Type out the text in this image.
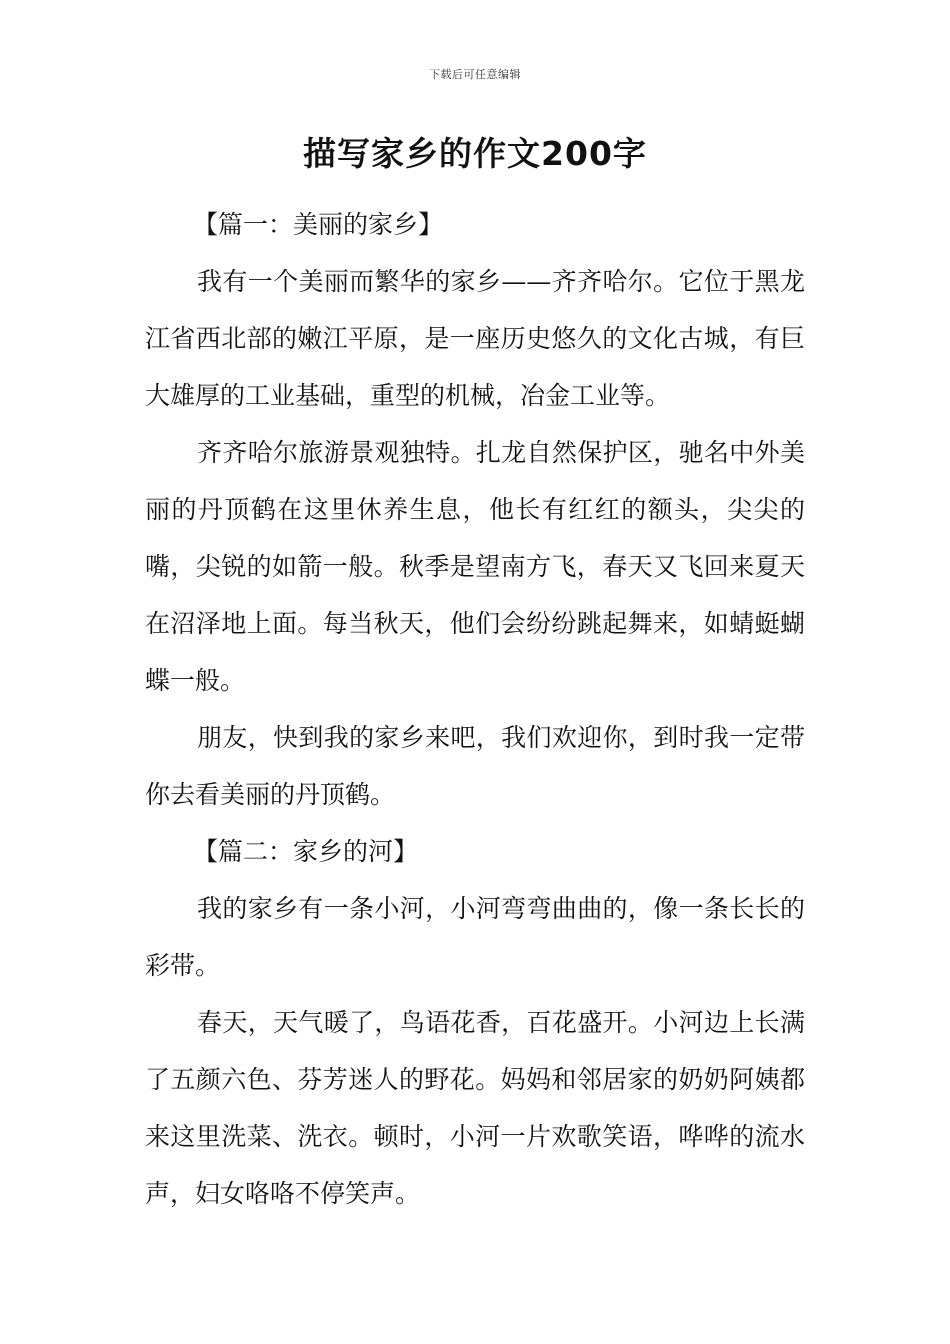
下载后可任意编辑
描写家乡的作文200字
【篇一：美丽的家乡】

我有一个美丽而繁华的家乡——齐齐哈尔。它位于黑龙江省西北部的嫩江平原，是一座历史悠久的文化古城，有巨大雄厚的工业基础，重型的机械，冶金工业等。

齐齐哈尔旅游景观独特。扎龙自然保护区，驰名中外美丽的丹顶鹤在这里休养生息，他长有红红的额头，尖尖的嘴，尖锐的如箭一般。秋季是望南方飞，春天又飞回来夏天在沼泽地上面。每当秋天，他们会纷纷跳起舞来，如蜻蜓蝴蝶一般。

朋友，快到我的家乡来吧，我们欢迎你，到时我一定带你去看美丽的丹顶鹤。

【篇二：家乡的河】

我的家乡有一条小河，小河弯弯曲曲的，像一条长长的彩带。

春天，天气暖了，鸟语花香，百花盛开。小河边上长满了五颜六色、芬芳迷人的野花。妈妈和邻居家的奶奶阿姨都来这里洗菜、洗衣。顿时，小河一片欢歌笑语，哗哗的流水声，妇女咯咯不停笑声。
